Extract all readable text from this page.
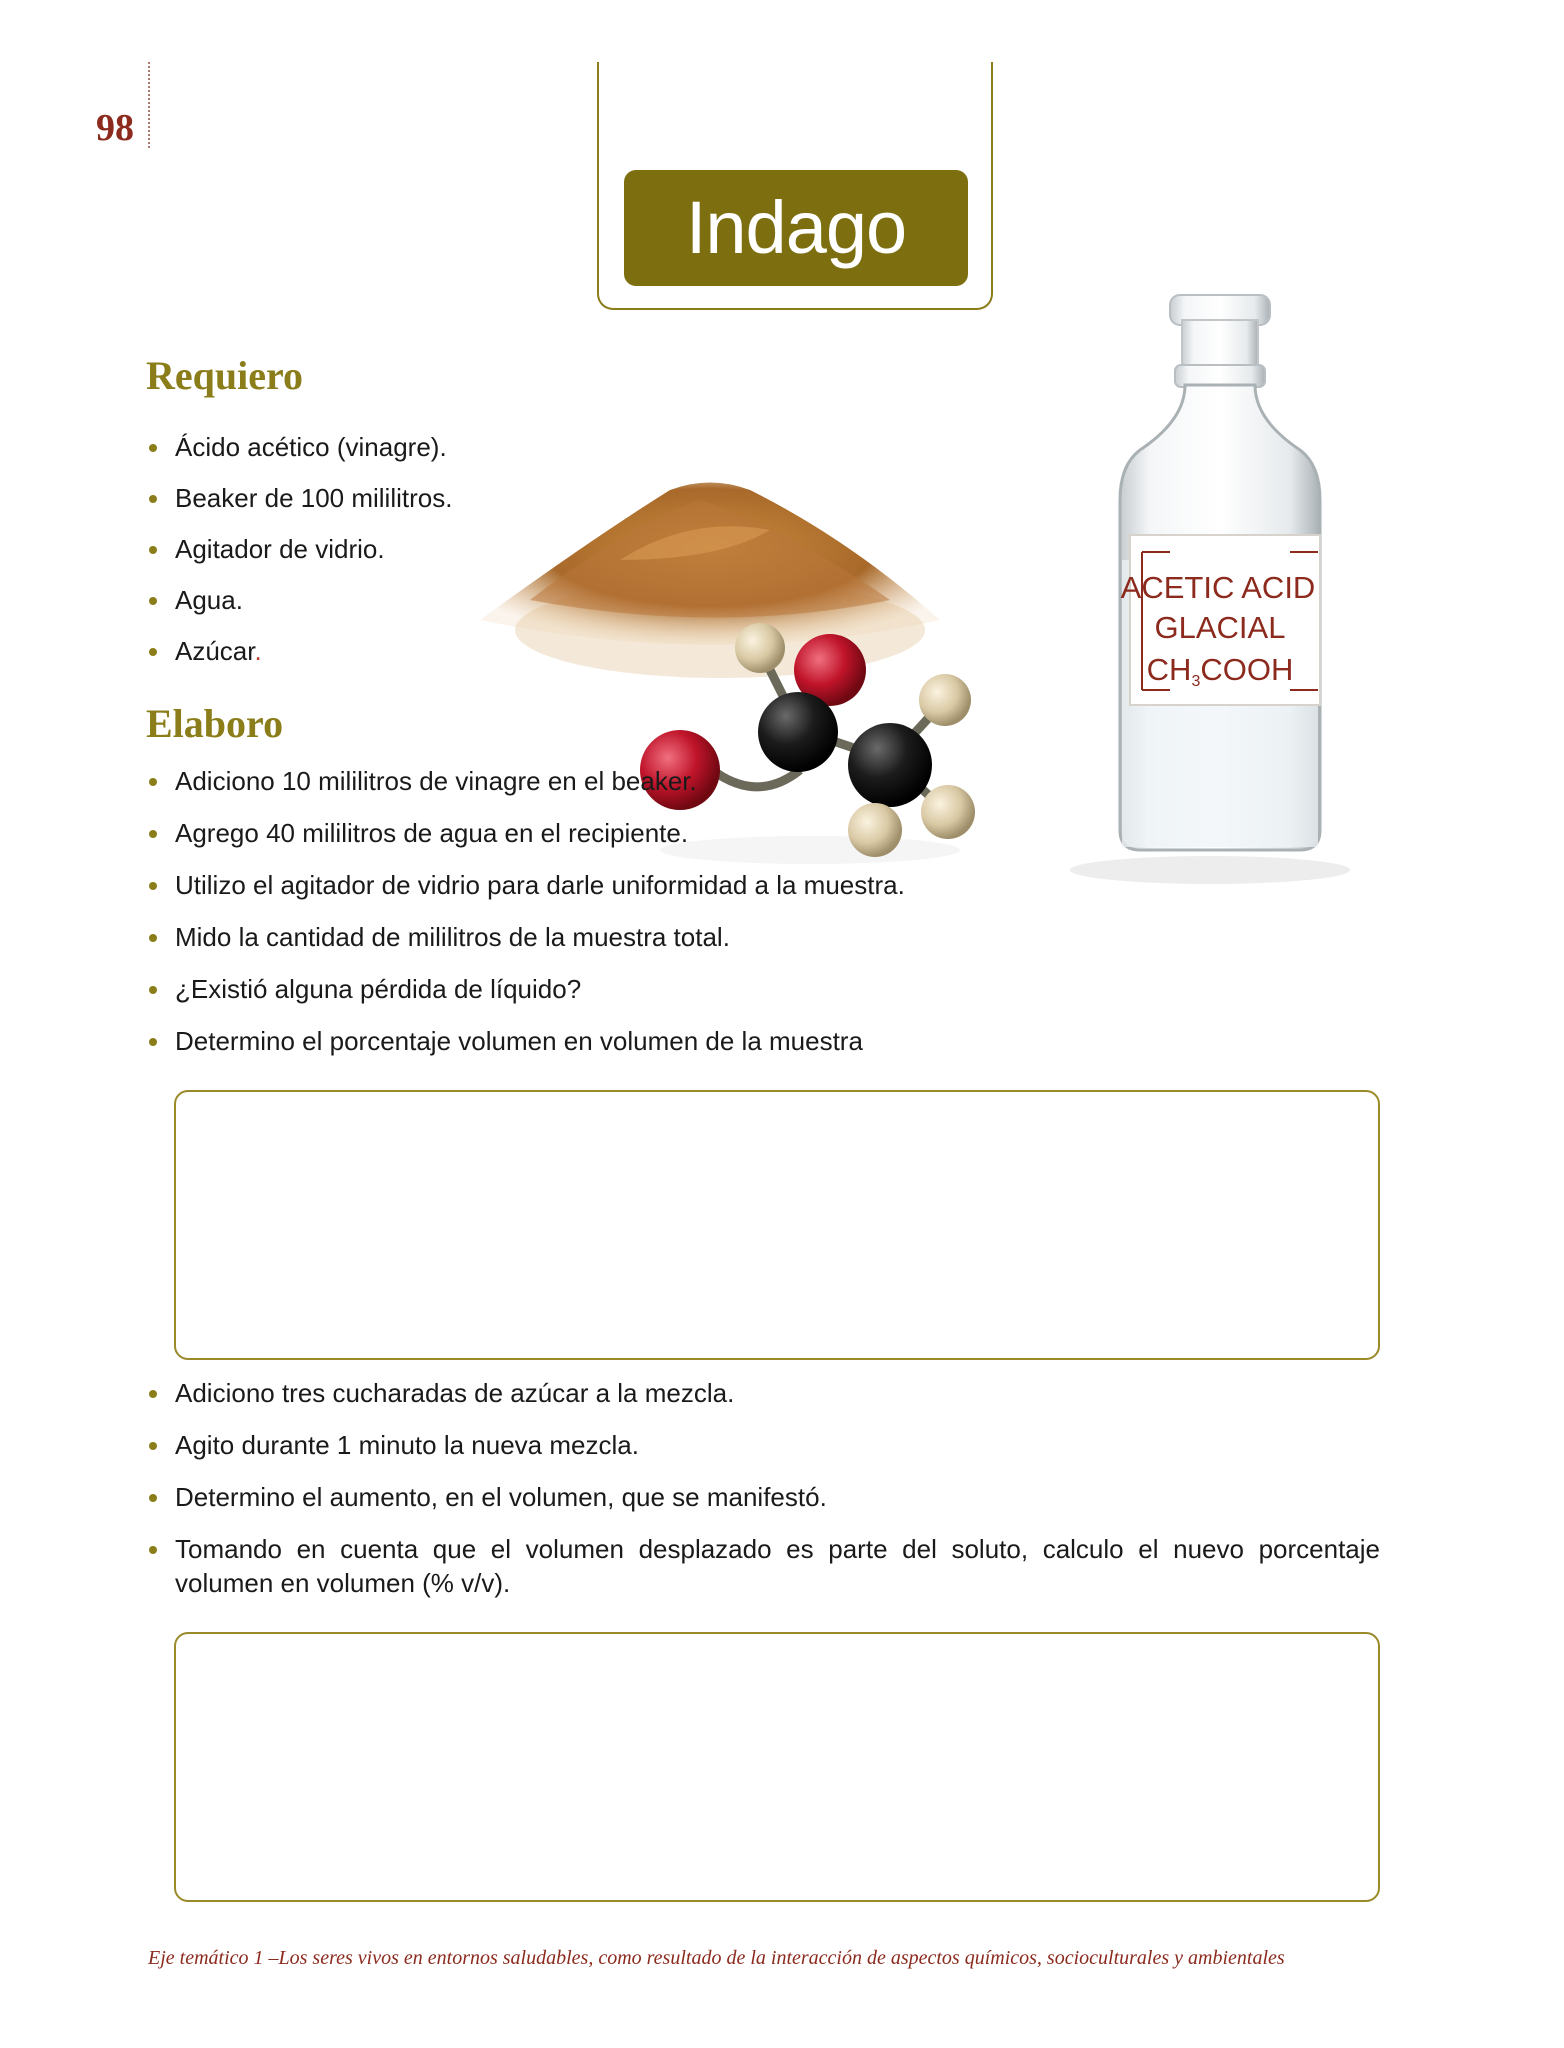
98
Indago
ACETIC ACID
GLACIAL
CH3COOH
Requiero
Ácido acético (vinagre).
Beaker de 100 mililitros.
Agitador de vidrio.
Agua.
Azúcar.
Elaboro
Adiciono 10 mililitros de vinagre en el beaker.
Agrego 40 mililitros de agua en el recipiente.
Utilizo el agitador de vidrio para darle uniformidad a la muestra.
Mido la cantidad de mililitros de la muestra total.
¿Existió alguna pérdida de líquido?
Determino el porcentaje volumen en volumen de la muestra
Adiciono tres cucharadas de azúcar a la mezcla.
Agito durante 1 minuto la nueva mezcla.
Determino el aumento, en el volumen, que se manifestó.
Tomando en cuenta que el volumen desplazado es parte del soluto, calculo el nuevo porcentaje volumen en volumen (% v/v).
Eje temático 1 –Los seres vivos en entornos saludables, como resultado de la interacción de aspectos químicos, socioculturales y ambientales
